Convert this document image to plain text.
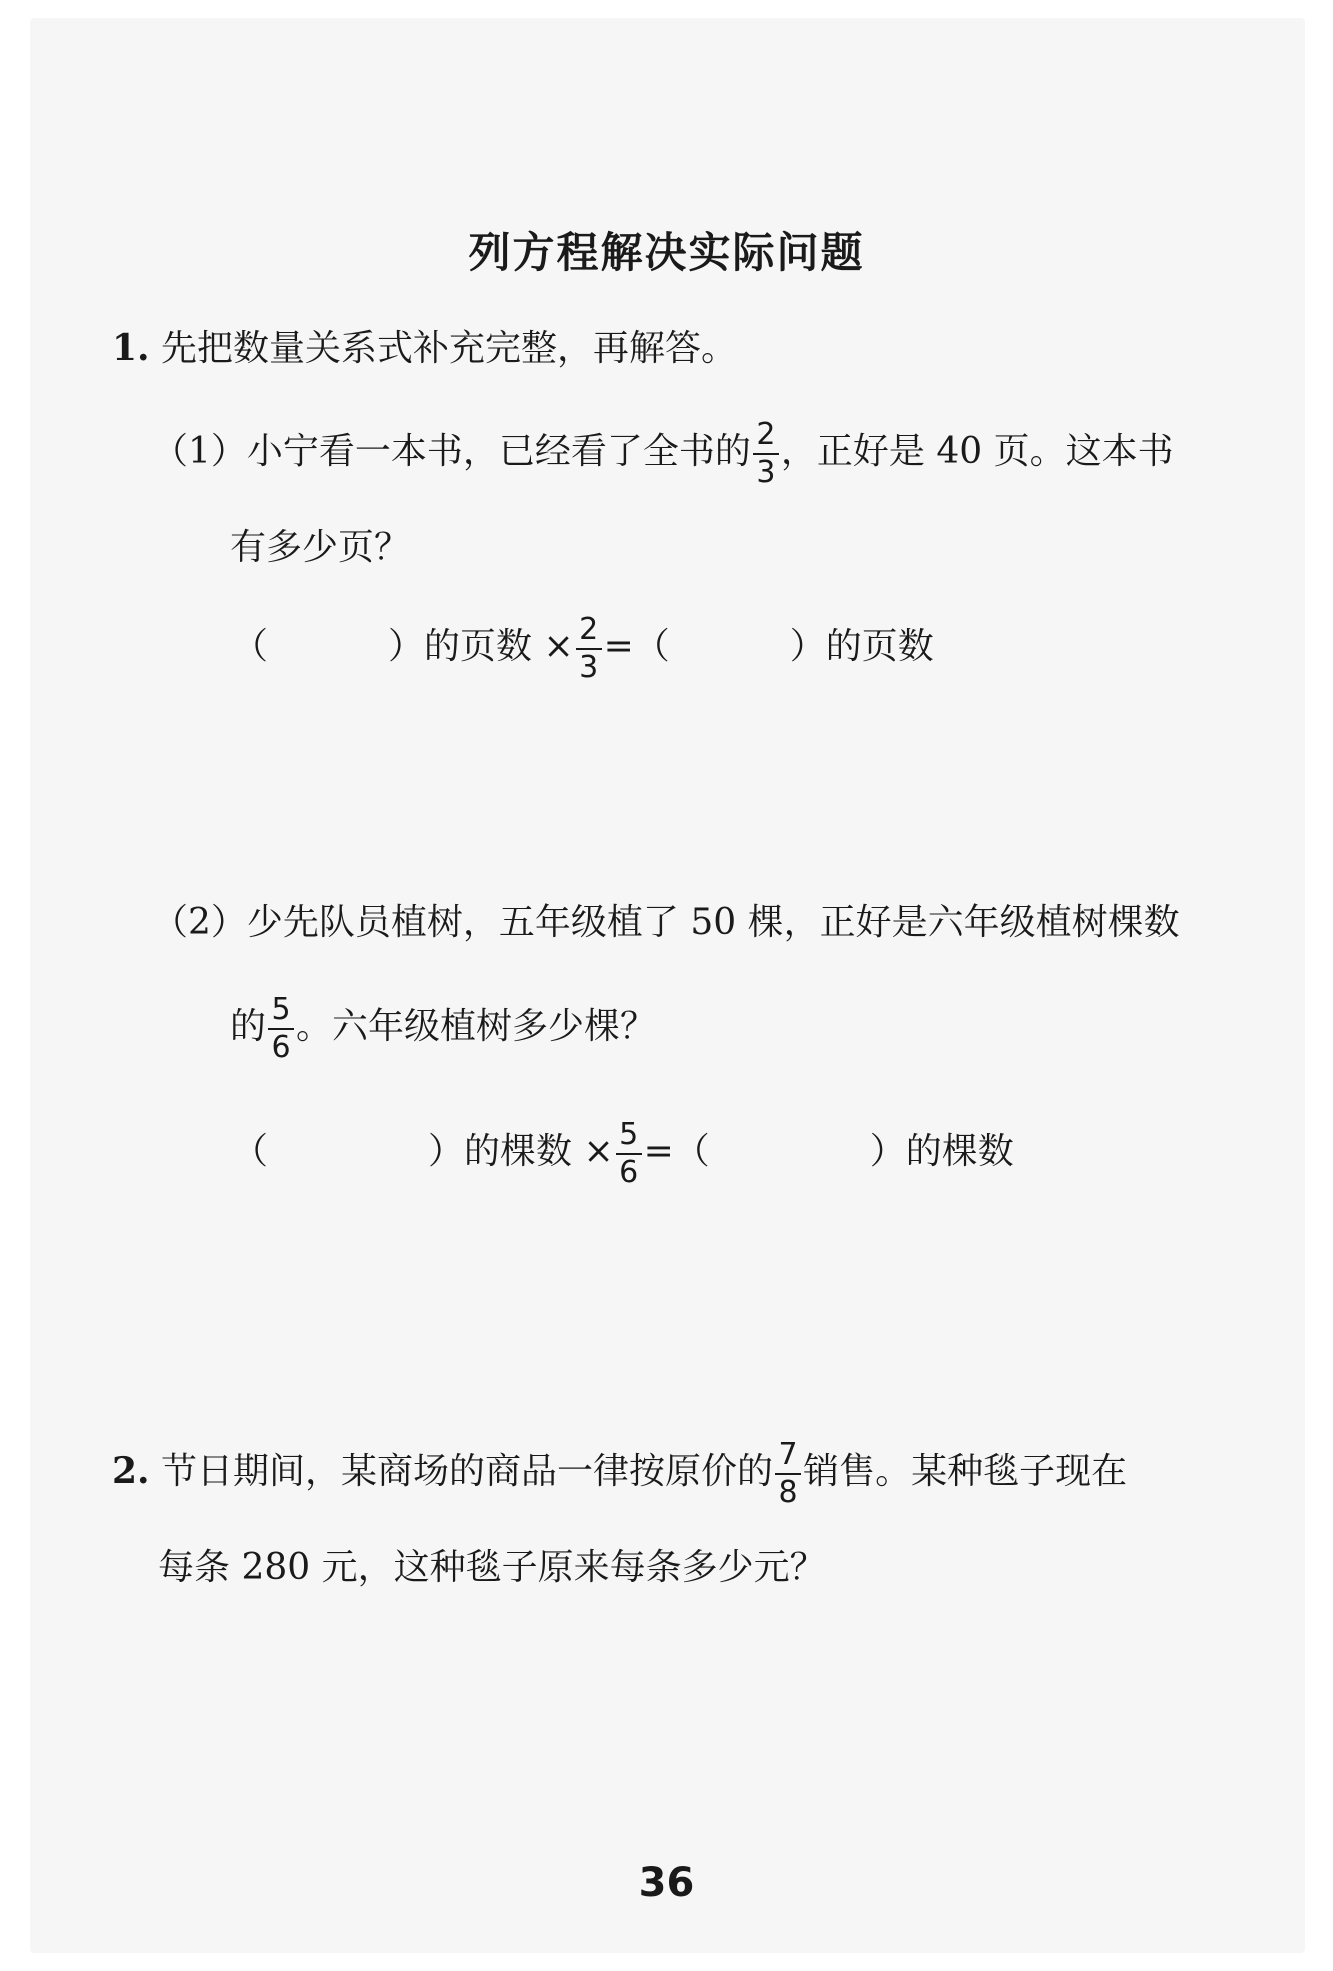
列方程解决实际问题
1. 先把数量关系式补充完整，再解答。
（1）小宁看一本书，已经看了全书的 $\frac{2}{3}$ ，正好是 40 页。这本书
有多少页？
（	）的页数 × $\frac{2}{3}$ =（	）的页数
（2）少先队员植树，五年级植了 50 棵，正好是六年级植树棵数
的 $\frac{5}{6}$ 。六年级植树多少棵？
（	）的棵数 × $\frac{5}{6}$ =（	）的棵数
2. 节日期间，某商场的商品一律按原价的 $\frac{7}{8}$ 销售。某种毯子现在
每条 280 元，这种毯子原来每条多少元？
36
